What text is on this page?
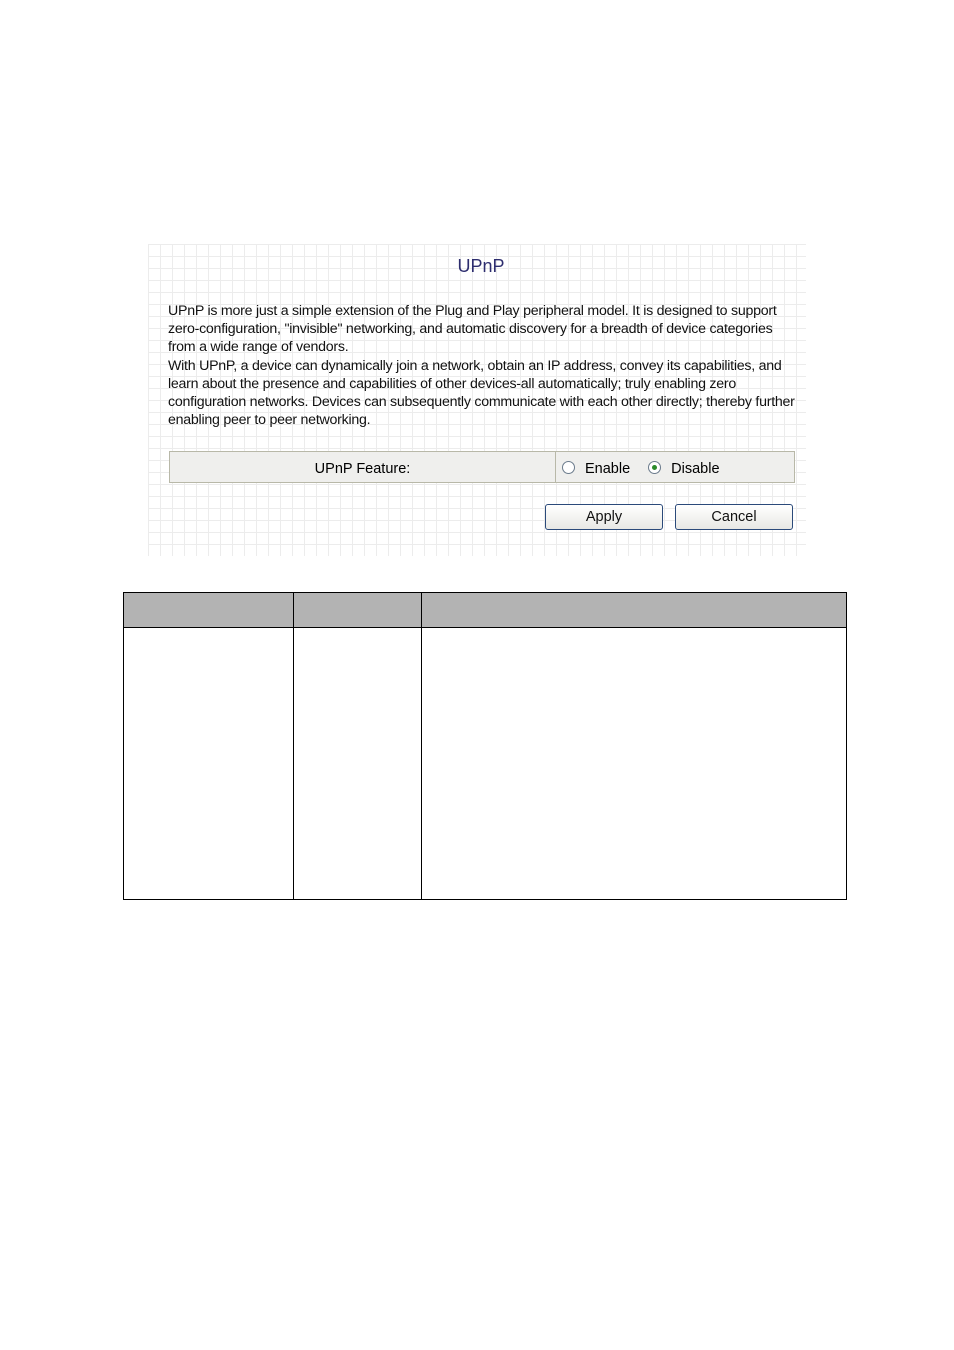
UPnP

UPnP is more just a simple extension of the Plug and Play peripheral model. It is designed to support zero-configuration, "invisible" networking, and automatic discovery for a breadth of device categories from a wide range of vendors.

With UPnP, a device can dynamically join a network, obtain an IP address, convey its capabilities, and learn about the presence and capabilities of other devices-all automatically; truly enabling zero configuration networks. Devices can subsequently communicate with each other directly; thereby further enabling peer to peer networking.

UPnP Feature:	Enable	Disable
Apply	Cancel
